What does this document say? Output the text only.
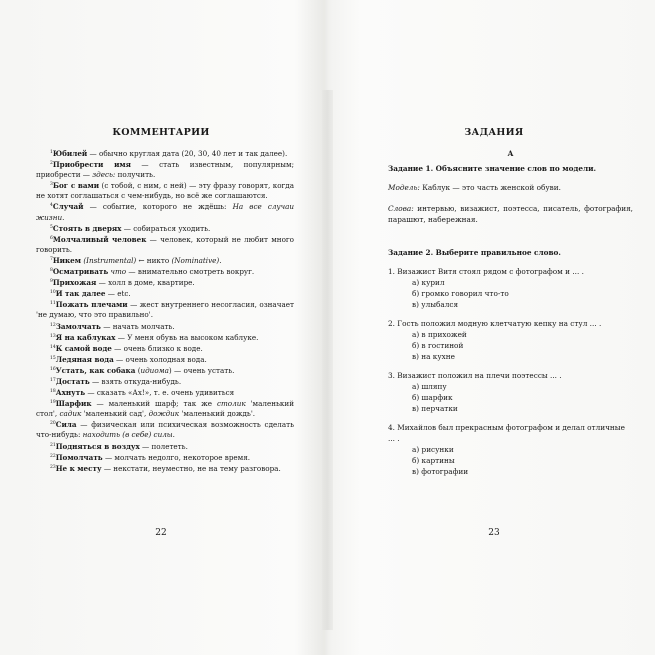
КОММЕНТАРИИ

$^1$Юбилей — обычно круглая дата (20, 30, 40 лет и так далее).

$^2$Приобрести имя — стать известным, популярным; приобрести — здесь: получить.

$^3$Бог с вами (с тобой, с ним, с ней) — эту фразу говорят, когда не хотят соглашаться с чем-нибудь, но всё же соглашаются.

$^4$Случай — событие, которого не ждёшь: На все случаи жизни.

$^5$Стоять в дверях — собираться уходить.

$^6$Молчаливый человек — человек, который не любит много говорить.

$^7$Никем (Instrumental) ← никто (Nominative).

$^8$Осматривать что — внимательно смотреть вокруг.

$^9$Прихожая — холл в доме, квартире.

$^{10}$И так далее — etc.

$^{11}$Пожать плечами — жест внутреннего несогласия, означает 'не думаю, что это правильно'.

$^{12}$Замолчать — начать молчать.

$^{13}$Я на каблуках — У меня обувь на высоком каблуке.

$^{14}$К самой воде — очень близко к воде.

$^{15}$Ледяная вода — очень холодная вода.

$^{16}$Устать, как собака (идиома) — очень устать.

$^{17}$Достать — взять откуда-нибудь.

$^{18}$Ахнуть — сказать «Ах!», т. е. очень удивиться

$^{19}$Шарфик — маленький шарф; так же столик 'маленький стол', садик 'маленький сад', дождик 'маленький дождь'.

$^{20}$Сила — физическая или психическая возможность сделать что-нибудь: находить (в себе) силы.

$^{21}$Подняться в воздух — полететь.

$^{22}$Помолчать — молчать недолго, некоторое время.

$^{23}$Не к месту — некстати, неуместно, не на тему разговора.

22
ЗАДАНИЯ

А

Задание 1. Объясните значение слов по модели.

Модель: Каблук — это часть женской обуви.

Слова: интервью, визажист, поэтесса, писатель, фотография, парашют, набережная.

Задание 2. Выберите правильное слово.

1. Визажист Витя стоял рядом с фотографом и ... .

а) курил

б) громко говорил что-то

в) улыбался

2. Гость положил модную клетчатую кепку на стул ... .

а) в прихожей

б) в гостиной

в) на кухне

3. Визажист положил на плечи поэтессы ... .

а) шляпу

б) шарфик

в) перчатки

4. Михайлов был прекрасным фотографом и делал отличные ... .

а) рисунки

б) картины

в) фотографии

23
